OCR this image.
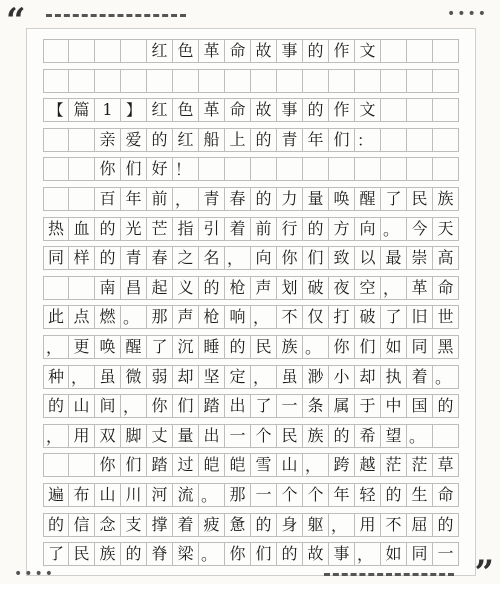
“	••••
红 色 革 命 故 事 的 作 文
【 篇 1 】 红 色 革 命 故 事 的 作 文
亲 爱 的 红 船 上 的 青 年 们 ：
你 们 好 ！
百 年 前 ， 青 春 的 力 量 唤 醒 了 民 族
热 血 的 光 芒 指 引 着 前 行 的 方 向 。 今 天
同 样 的 青 春 之 名 ， 向 你 们 致 以 最 崇 高
南 昌 起 义 的 枪 声 划 破 夜 空 ， 革 命
此 点 燃 。 那 声 枪 响 ， 不 仅 打 破 了 旧 世
， 更 唤 醒 了 沉 睡 的 民 族 。 你 们 如 同 黑
种 ， 虽 微 弱 却 坚 定 ， 虽 渺 小 却 执 着 。
的 山 间 ， 你 们 踏 出 了 一 条 属 于 中 国 的
， 用 双 脚 丈 量 出 一 个 民 族 的 希 望 。
你 们 踏 过 皑 皑 雪 山 ， 跨 越 茫 茫 草
遍 布 山 川 河 流 。 那 一 个 个 年 轻 的 生 命
的 信 念 支 撑 着 疲 惫 的 身 躯 ， 用 不 屈 的
了 民 族 的 脊 梁 。 你 们 的 故 事 ， 如 同 一
••••	”
